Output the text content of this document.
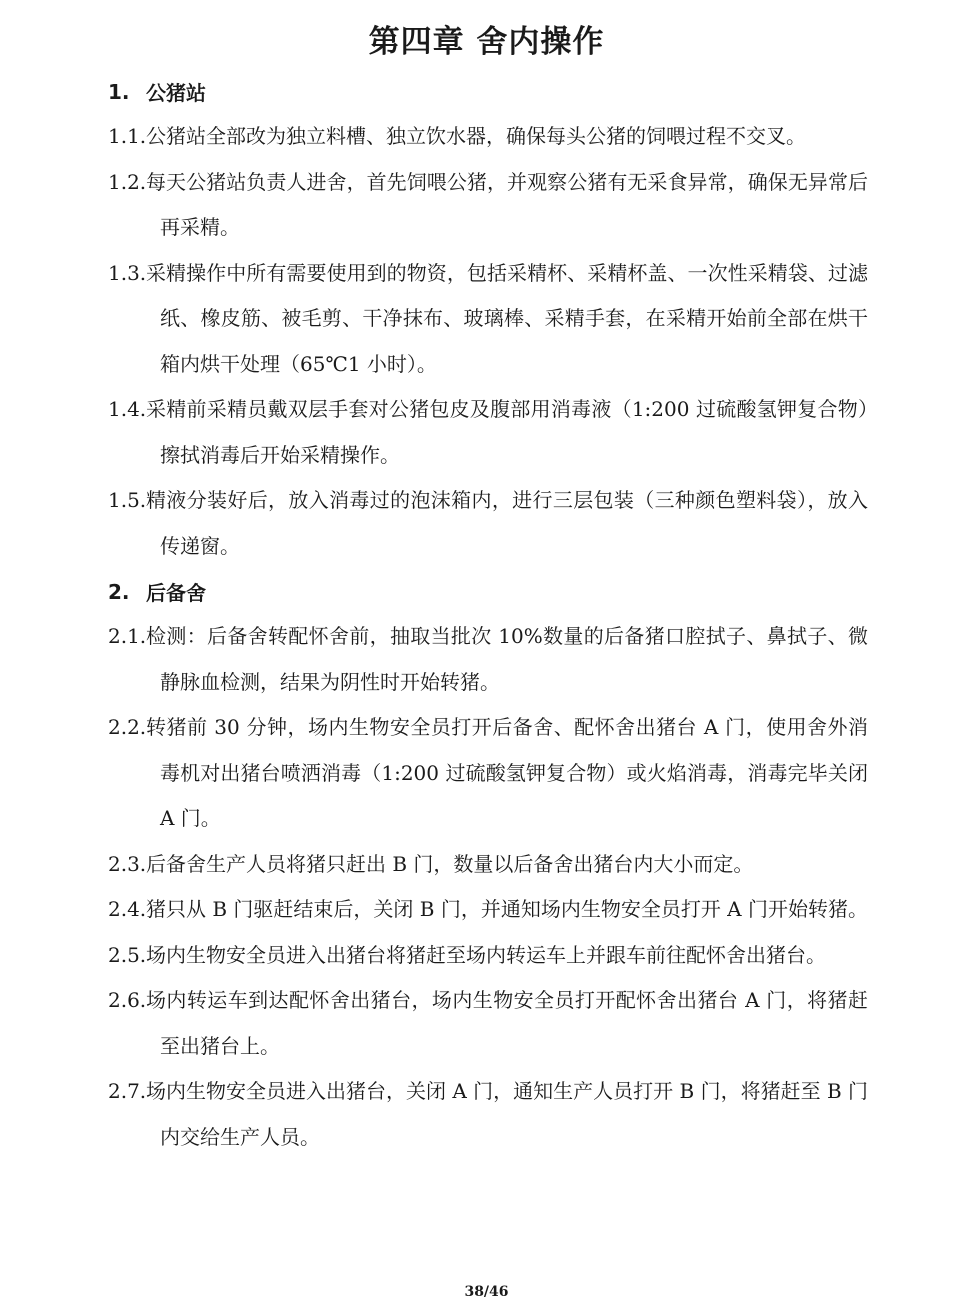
第四章 舍内操作
1. 公猪站
1.1. 公猪站全部改为独立料槽、独立饮水器，确保每头公猪的饲喂过程不交叉。
1.2. 每天公猪站负责人进舍，首先饲喂公猪，并观察公猪有无采食异常，确保无异常后再采精。
1.3. 采精操作中所有需要使用到的物资，包括采精杯、采精杯盖、一次性采精袋、过滤纸、橡皮筋、被毛剪、干净抹布、玻璃棒、采精手套，在采精开始前全部在烘干箱内烘干处理（65℃1 小时）。
1.4. 采精前采精员戴双层手套对公猪包皮及腹部用消毒液（1:200 过硫酸氢钾复合物）擦拭消毒后开始采精操作。
1.5. 精液分装好后，放入消毒过的泡沫箱内，进行三层包装（三种颜色塑料袋），放入传递窗。
2. 后备舍
2.1. 检测：后备舍转配怀舍前，抽取当批次 10%数量的后备猪口腔拭子、鼻拭子、微静脉血检测，结果为阴性时开始转猪。
2.2. 转猪前 30 分钟，场内生物安全员打开后备舍、配怀舍出猪台 A 门，使用舍外消毒机对出猪台喷洒消毒（1:200 过硫酸氢钾复合物）或火焰消毒，消毒完毕关闭 A 门。
2.3. 后备舍生产人员将猪只赶出 B 门，数量以后备舍出猪台内大小而定。
2.4. 猪只从 B 门驱赶结束后，关闭 B 门，并通知场内生物安全员打开 A 门开始转猪。
2.5. 场内生物安全员进入出猪台将猪赶至场内转运车上并跟车前往配怀舍出猪台。
2.6. 场内转运车到达配怀舍出猪台，场内生物安全员打开配怀舍出猪台 A 门，将猪赶至出猪台上。
2.7. 场内生物安全员进入出猪台，关闭 A 门，通知生产人员打开 B 门，将猪赶至 B 门内交给生产人员。
38/46
